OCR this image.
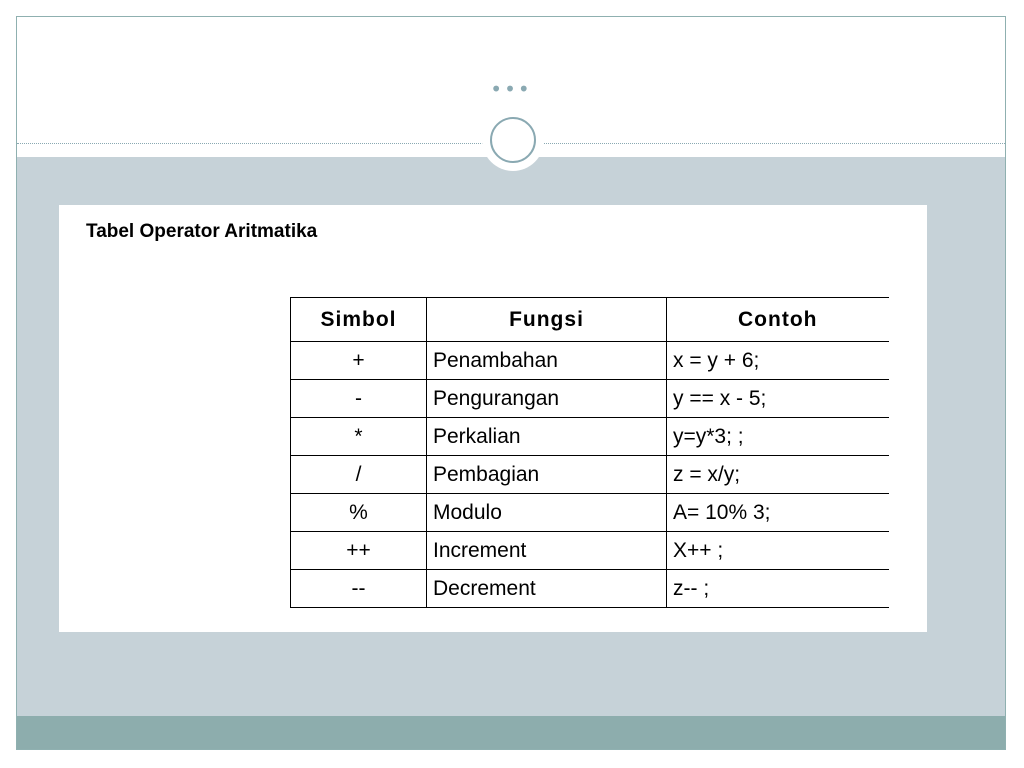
•••
Tabel Operator Aritmatika
Simbol	Fungsi	Contoh
+	Penambahan	x = y + 6;
-	Pengurangan	y == x - 5;
*	Perkalian	y=y*3; ;
/	Pembagian	z = x/y;
%	Modulo	A= 10% 3;
++	Increment	X++ ;
--	Decrement	z-- ;
